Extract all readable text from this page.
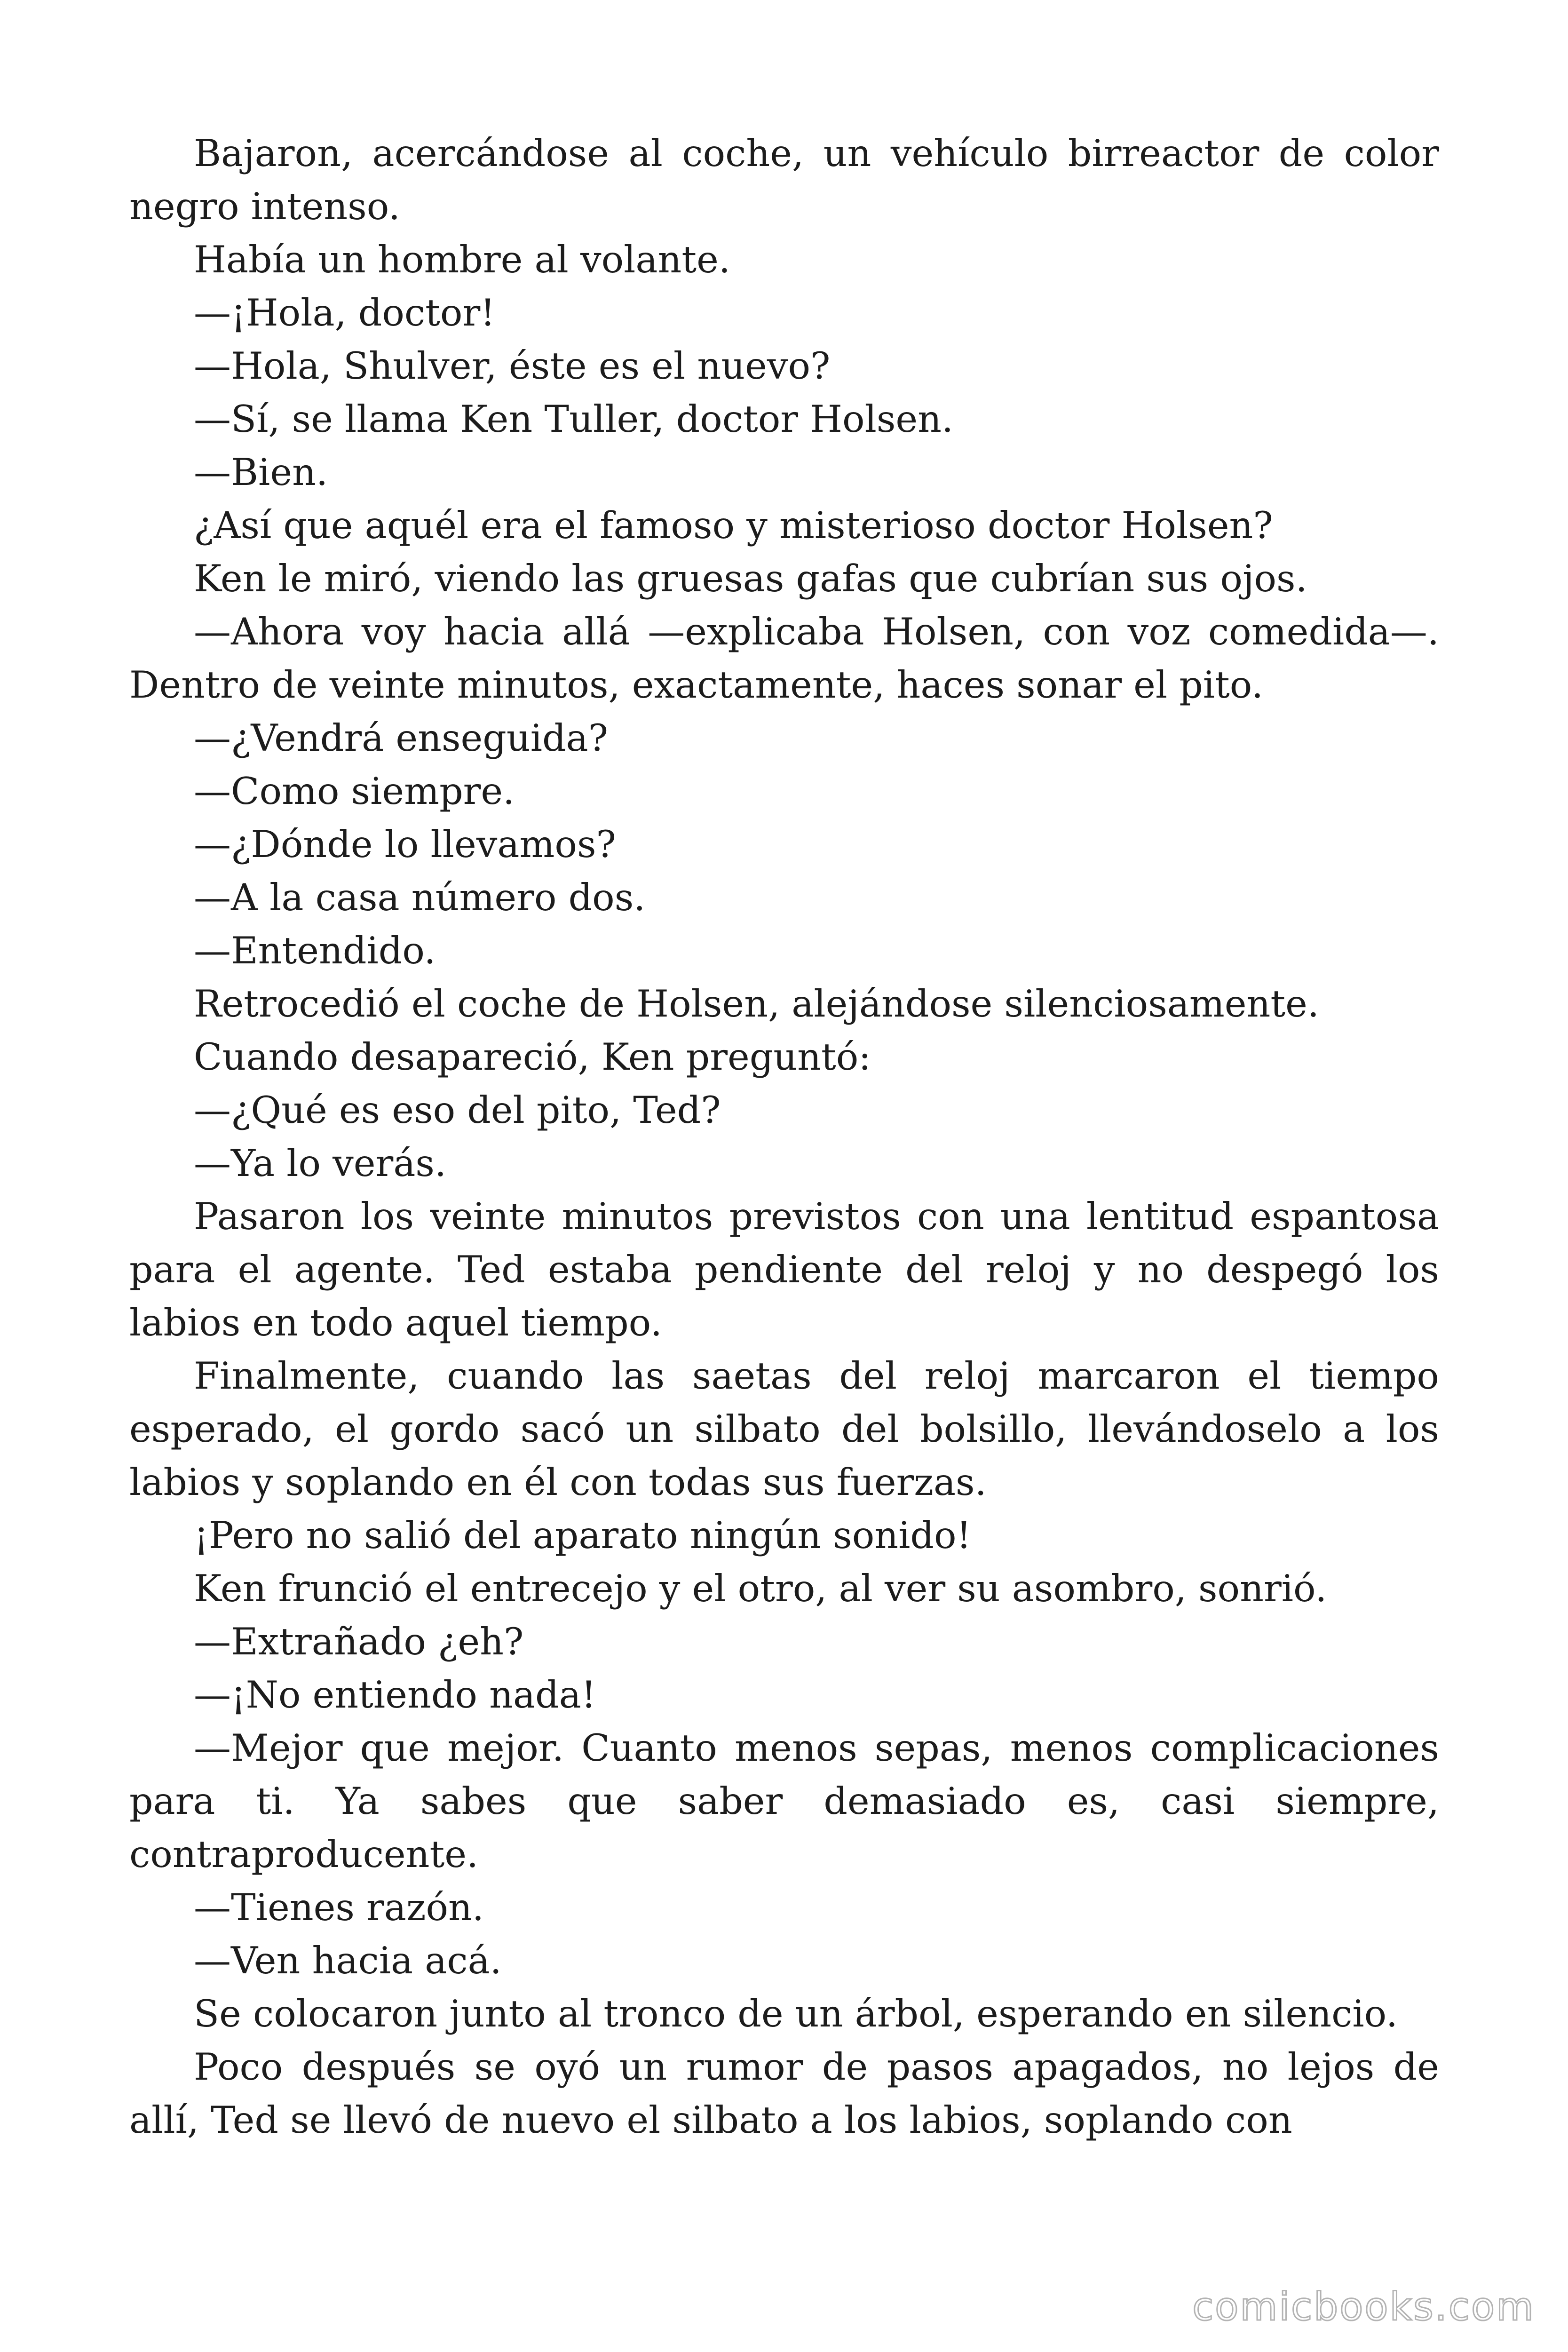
Bajaron, acercándose al coche, un vehículo birreactor de color negro intenso.

Había un hombre al volante.

—¡Hola, doctor!

—Hola, Shulver, éste es el nuevo?

—Sí, se llama Ken Tuller, doctor Holsen.

—Bien.

¿Así que aquél era el famoso y misterioso doctor Holsen?

Ken le miró, viendo las gruesas gafas que cubrían sus ojos.

—Ahora voy hacia allá —explicaba Holsen, con voz comedida—. Dentro de veinte minutos, exactamente, haces sonar el pito.

—¿Vendrá enseguida?

—Como siempre.

—¿Dónde lo llevamos?

—A la casa número dos.

—Entendido.

Retrocedió el coche de Holsen, alejándose silenciosamente.

Cuando desapareció, Ken preguntó:

—¿Qué es eso del pito, Ted?

—Ya lo verás.

Pasaron los veinte minutos previstos con una lentitud espantosa para el agente. Ted estaba pendiente del reloj y no despegó los labios en todo aquel tiempo.

Finalmente, cuando las saetas del reloj marcaron el tiempo esperado, el gordo sacó un silbato del bolsillo, llevándoselo a los labios y soplando en él con todas sus fuerzas.

¡Pero no salió del aparato ningún sonido!

Ken frunció el entrecejo y el otro, al ver su asombro, sonrió.

—Extrañado ¿eh?

—¡No entiendo nada!

—Mejor que mejor. Cuanto menos sepas, menos complicaciones para ti. Ya sabes que saber demasiado es, casi siempre, contraproducente.

—Tienes razón.

—Ven hacia acá.

Se colocaron junto al tronco de un árbol, esperando en silencio.

Poco después se oyó un rumor de pasos apagados, no lejos de allí, Ted se llevó de nuevo el silbato a los labios, soplando con

comicbooks.com
